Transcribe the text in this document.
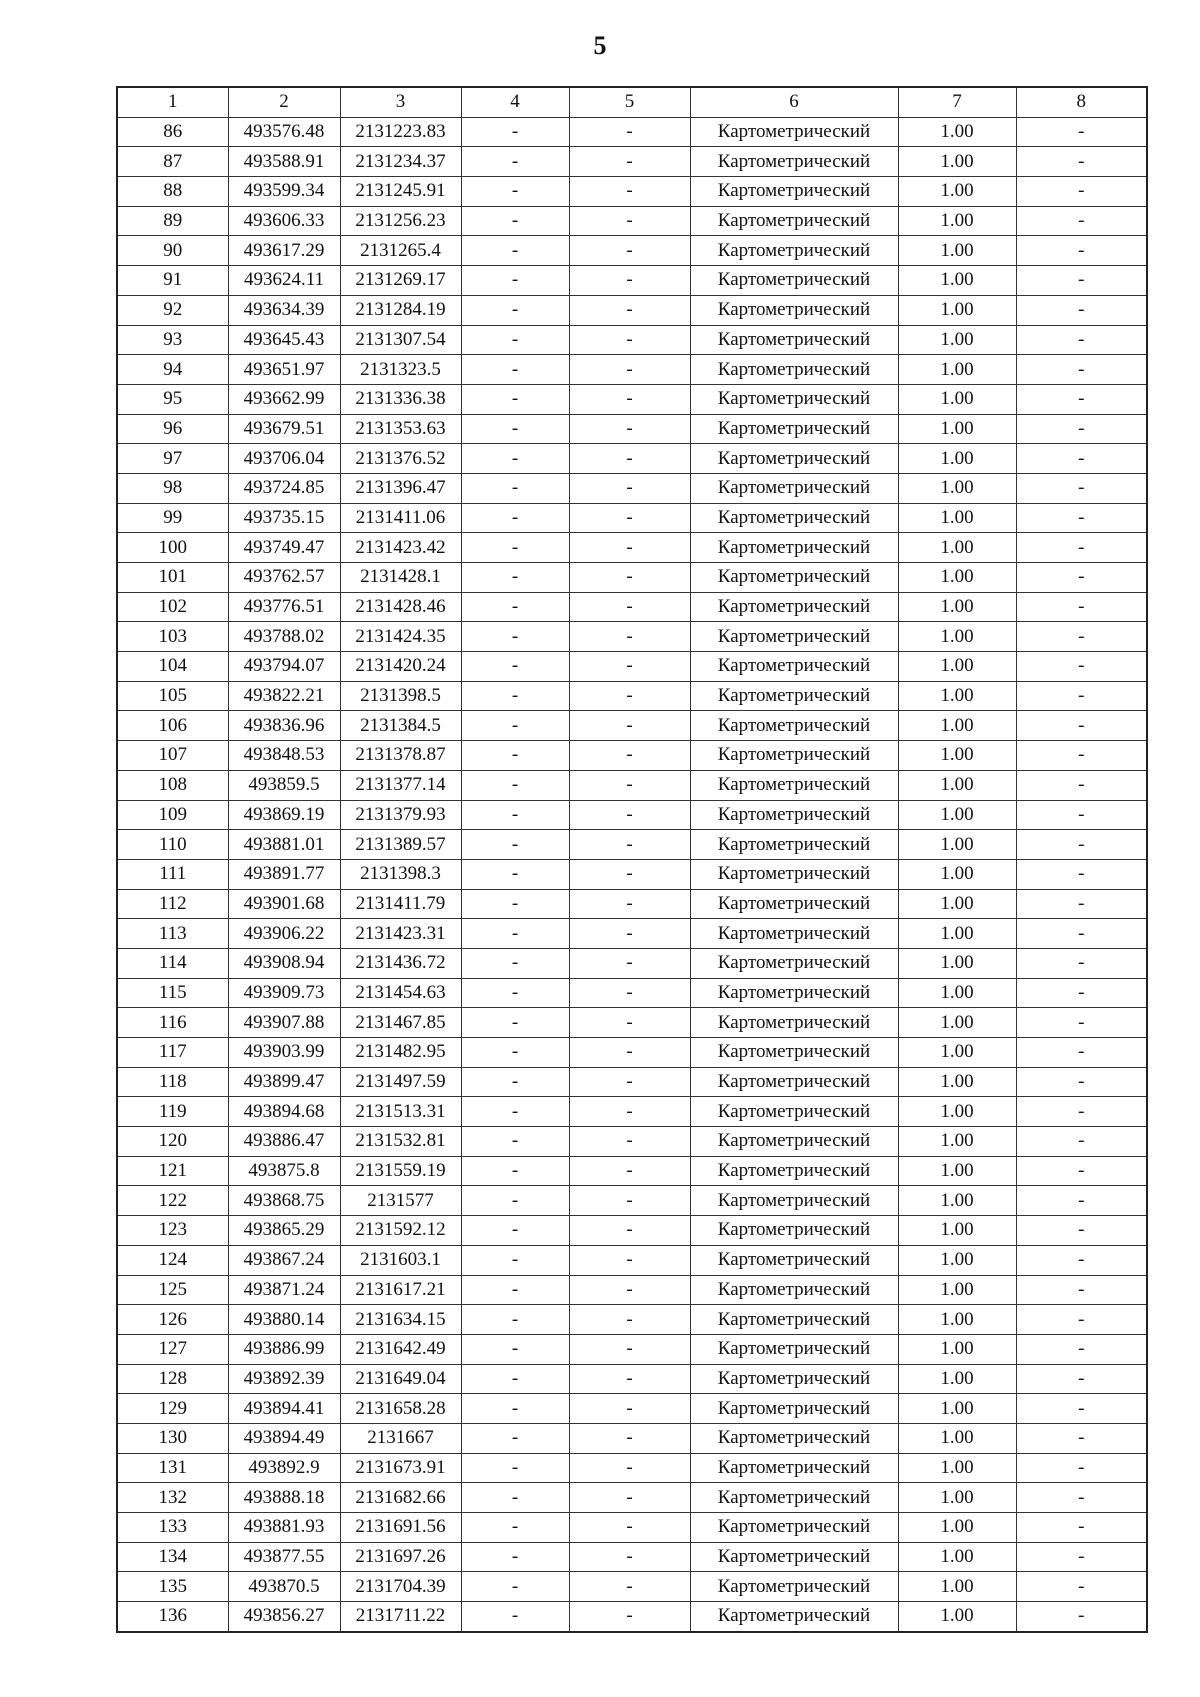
5
1	2	3	4	5	6	7	8
86	493576.48	2131223.83	-	-	Картометрический	1.00	-
87	493588.91	2131234.37	-	-	Картометрический	1.00	-
88	493599.34	2131245.91	-	-	Картометрический	1.00	-
89	493606.33	2131256.23	-	-	Картометрический	1.00	-
90	493617.29	2131265.4	-	-	Картометрический	1.00	-
91	493624.11	2131269.17	-	-	Картометрический	1.00	-
92	493634.39	2131284.19	-	-	Картометрический	1.00	-
93	493645.43	2131307.54	-	-	Картометрический	1.00	-
94	493651.97	2131323.5	-	-	Картометрический	1.00	-
95	493662.99	2131336.38	-	-	Картометрический	1.00	-
96	493679.51	2131353.63	-	-	Картометрический	1.00	-
97	493706.04	2131376.52	-	-	Картометрический	1.00	-
98	493724.85	2131396.47	-	-	Картометрический	1.00	-
99	493735.15	2131411.06	-	-	Картометрический	1.00	-
100	493749.47	2131423.42	-	-	Картометрический	1.00	-
101	493762.57	2131428.1	-	-	Картометрический	1.00	-
102	493776.51	2131428.46	-	-	Картометрический	1.00	-
103	493788.02	2131424.35	-	-	Картометрический	1.00	-
104	493794.07	2131420.24	-	-	Картометрический	1.00	-
105	493822.21	2131398.5	-	-	Картометрический	1.00	-
106	493836.96	2131384.5	-	-	Картометрический	1.00	-
107	493848.53	2131378.87	-	-	Картометрический	1.00	-
108	493859.5	2131377.14	-	-	Картометрический	1.00	-
109	493869.19	2131379.93	-	-	Картометрический	1.00	-
110	493881.01	2131389.57	-	-	Картометрический	1.00	-
111	493891.77	2131398.3	-	-	Картометрический	1.00	-
112	493901.68	2131411.79	-	-	Картометрический	1.00	-
113	493906.22	2131423.31	-	-	Картометрический	1.00	-
114	493908.94	2131436.72	-	-	Картометрический	1.00	-
115	493909.73	2131454.63	-	-	Картометрический	1.00	-
116	493907.88	2131467.85	-	-	Картометрический	1.00	-
117	493903.99	2131482.95	-	-	Картометрический	1.00	-
118	493899.47	2131497.59	-	-	Картометрический	1.00	-
119	493894.68	2131513.31	-	-	Картометрический	1.00	-
120	493886.47	2131532.81	-	-	Картометрический	1.00	-
121	493875.8	2131559.19	-	-	Картометрический	1.00	-
122	493868.75	2131577	-	-	Картометрический	1.00	-
123	493865.29	2131592.12	-	-	Картометрический	1.00	-
124	493867.24	2131603.1	-	-	Картометрический	1.00	-
125	493871.24	2131617.21	-	-	Картометрический	1.00	-
126	493880.14	2131634.15	-	-	Картометрический	1.00	-
127	493886.99	2131642.49	-	-	Картометрический	1.00	-
128	493892.39	2131649.04	-	-	Картометрический	1.00	-
129	493894.41	2131658.28	-	-	Картометрический	1.00	-
130	493894.49	2131667	-	-	Картометрический	1.00	-
131	493892.9	2131673.91	-	-	Картометрический	1.00	-
132	493888.18	2131682.66	-	-	Картометрический	1.00	-
133	493881.93	2131691.56	-	-	Картометрический	1.00	-
134	493877.55	2131697.26	-	-	Картометрический	1.00	-
135	493870.5	2131704.39	-	-	Картометрический	1.00	-
136	493856.27	2131711.22	-	-	Картометрический	1.00	-
